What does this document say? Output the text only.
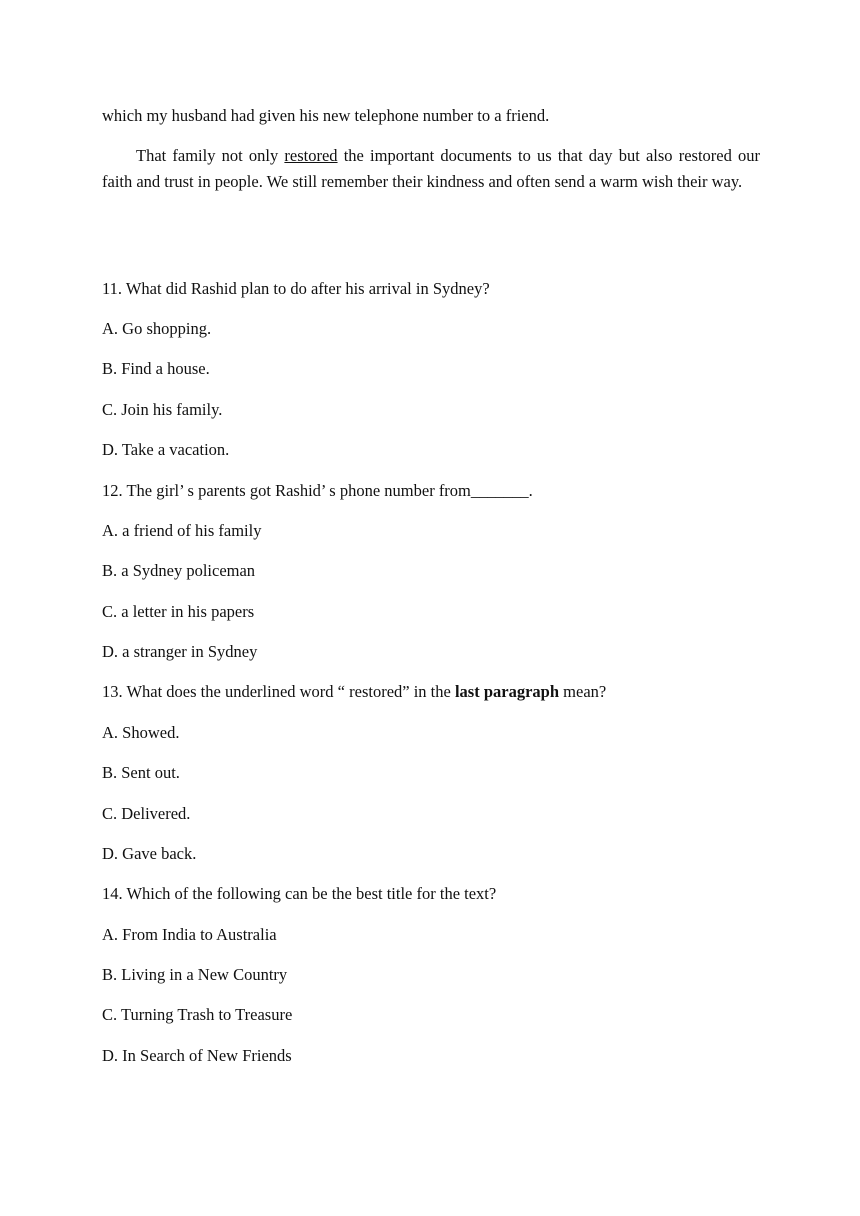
which my husband had given his new telephone number to a friend.

That family not only restored the important documents to us that day but also restored our faith and trust in people. We still remember their kindness and often send a warm wish their way.

11. What did Rashid plan to do after his arrival in Sydney?
A. Go shopping.
B. Find a house.
C. Join his family.
D. Take a vacation.
12. The girl’ s parents got Rashid’ s phone number from_______.
A. a friend of his family
B. a Sydney policeman
C. a letter in his papers
D. a stranger in Sydney
13. What does the underlined word “ restored” in the last paragraph mean?
A. Showed.
B. Sent out.
C. Delivered.
D. Gave back.
14. Which of the following can be the best title for the text?
A. From India to Australia
B. Living in a New Country
C. Turning Trash to Treasure
D. In Search of New Friends
